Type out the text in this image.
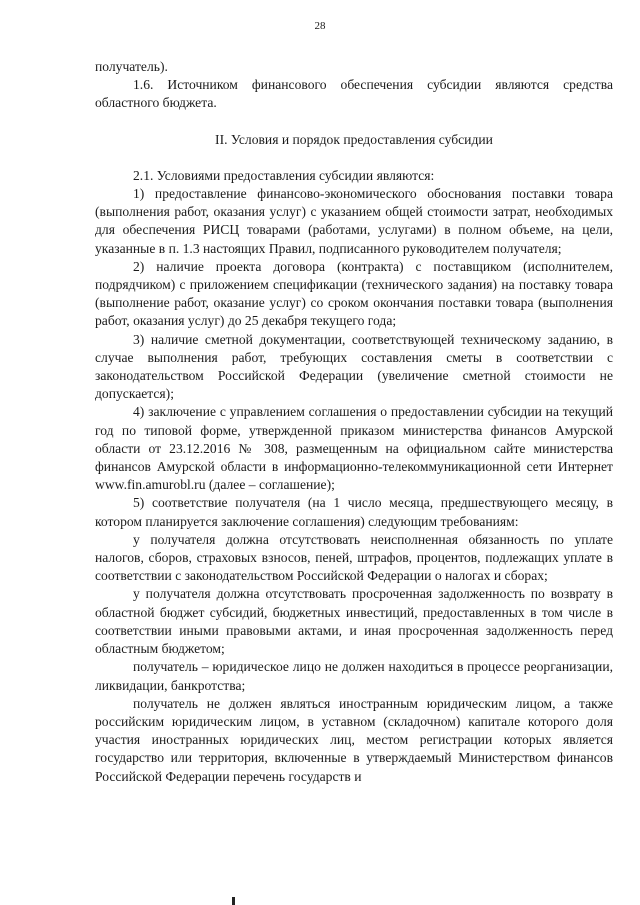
28

получатель).

1.6. Источником финансового обеспечения субсидии являются средства областного бюджета.

II. Условия и порядок предоставления субсидии

2.1. Условиями предоставления субсидии являются:

1) предоставление финансово-экономического обоснования поставки товара (выполнения работ, оказания услуг) с указанием общей стоимости затрат, необходимых для обеспечения РИСЦ товарами (работами, услугами) в полном объеме, на цели, указанные в п. 1.3 настоящих Правил, подписанного руководителем получателя;

2) наличие проекта договора (контракта) с поставщиком (исполнителем, подрядчиком) с приложением спецификации (технического задания) на поставку товара (выполнение работ, оказание услуг) со сроком окончания поставки товара (выполнения работ, оказания услуг) до 25 декабря текущего года;

3) наличие сметной документации, соответствующей техническому заданию, в случае выполнения работ, требующих составления сметы в соответствии с законодательством Российской Федерации (увеличение сметной стоимости не допускается);

4) заключение с управлением соглашения о предоставлении субсидии на текущий год по типовой форме, утвержденной приказом министерства финансов Амурской области от 23.12.2016 № 308, размещенным на официальном сайте министерства финансов Амурской области в информационно-телекоммуникационной сети Интернет www.fin.amurobl.ru (далее – соглашение);

5) соответствие получателя (на 1 число месяца, предшествующего месяцу, в котором планируется заключение соглашения) следующим требованиям:

у получателя должна отсутствовать неисполненная обязанность по уплате налогов, сборов, страховых взносов, пеней, штрафов, процентов, подлежащих уплате в соответствии с законодательством Российской Федерации о налогах и сборах;

у получателя должна отсутствовать просроченная задолженность по возврату в областной бюджет субсидий, бюджетных инвестиций, предоставленных в том числе в соответствии иными правовыми актами, и иная просроченная задолженность перед областным бюджетом;

получатель – юридическое лицо не должен находиться в процессе реорганизации, ликвидации, банкротства;

получатель не должен являться иностранным юридическим лицом, а также российским юридическим лицом, в уставном (складочном) капитале которого доля участия иностранных юридических лиц, местом регистрации которых является государство или территория, включенные в утверждаемый Министерством финансов Российской Федерации перечень государств и
